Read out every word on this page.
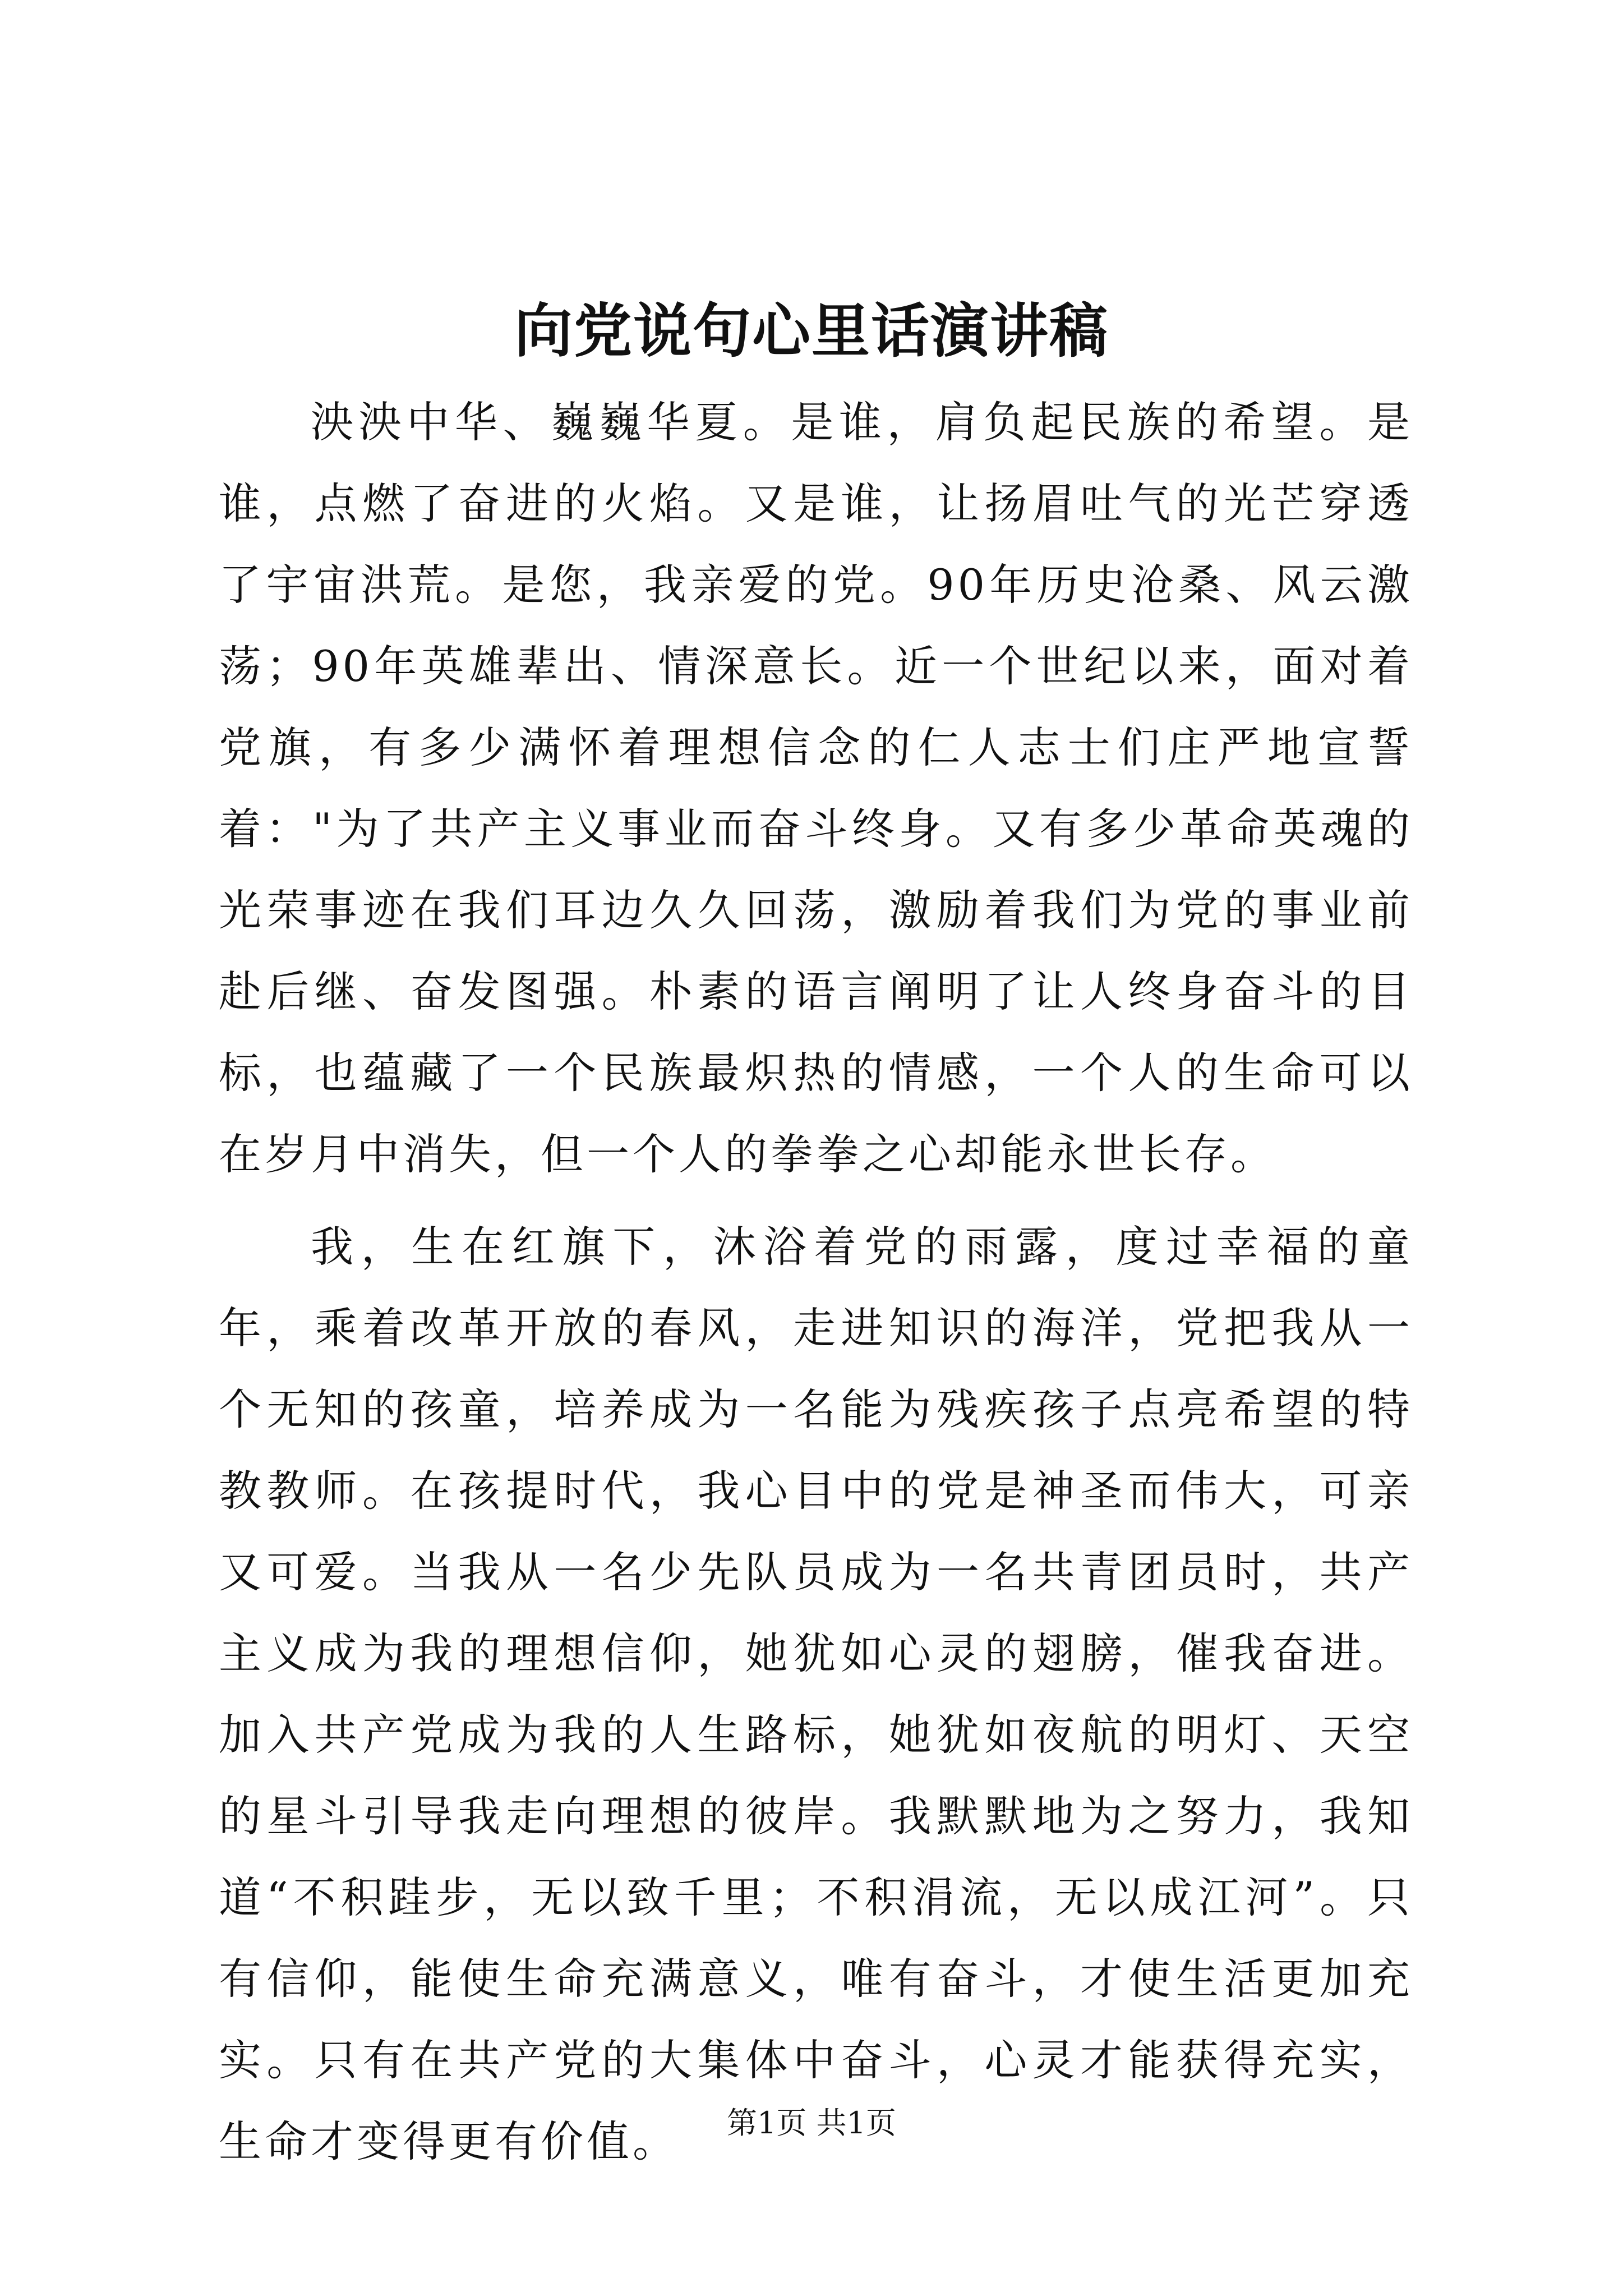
向党说句心里话演讲稿

泱泱中华、巍巍华夏。是谁，肩负起民族的希望。是谁，点燃了奋进的火焰。又是谁，让扬眉吐气的光芒穿透了宇宙洪荒。是您，我亲爱的党。90年历史沧桑、风云激荡；90年英雄辈出、情深意长。近一个世纪以来，面对着党旗，有多少满怀着理想信念的仁人志士们庄严地宣誓着："为了共产主义事业而奋斗终身。又有多少革命英魂的光荣事迹在我们耳边久久回荡，激励着我们为党的事业前赴后继、奋发图强。朴素的语言阐明了让人终身奋斗的目标，也蕴藏了一个民族最炽热的情感，一个人的生命可以在岁月中消失，但一个人的拳拳之心却能永世长存。

我，生在红旗下，沐浴着党的雨露，度过幸福的童年，乘着改革开放的春风，走进知识的海洋，党把我从一个无知的孩童，培养成为一名能为残疾孩子点亮希望的特教教师。在孩提时代，我心目中的党是神圣而伟大，可亲又可爱。当我从一名少先队员成为一名共青团员时，共产主义成为我的理想信仰，她犹如心灵的翅膀，催我奋进。加入共产党成为我的人生路标，她犹如夜航的明灯、天空的星斗引导我走向理想的彼岸。我默默地为之努力，我知道“不积跬步，无以致千里；不积涓流，无以成江河”。只有信仰，能使生命充满意义，唯有奋斗，才使生活更加充实。只有在共产党的大集体中奋斗，心灵才能获得充实，生命才变得更有价值。	第1页 共1页
